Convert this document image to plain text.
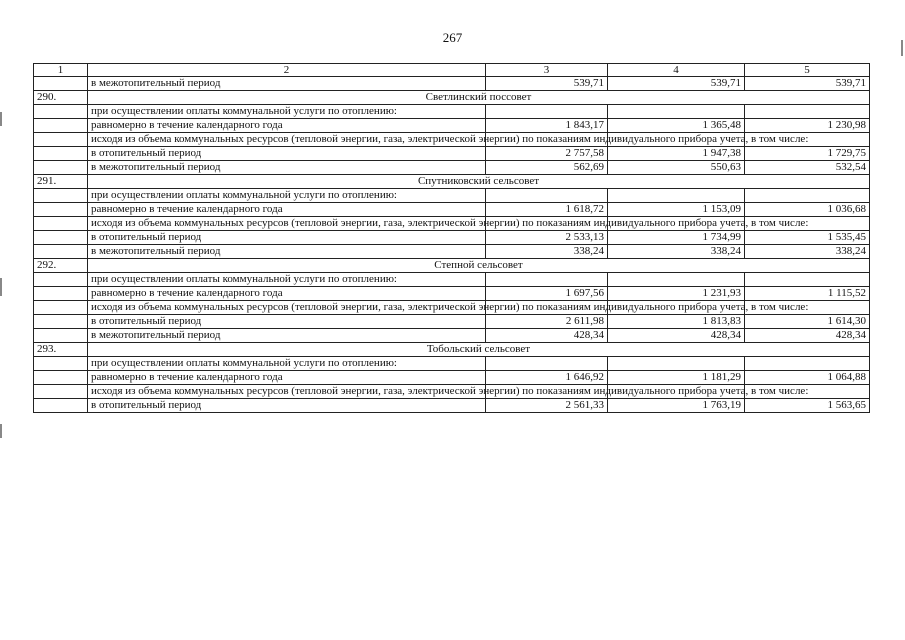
267
1	2	3	4	5
	в межотопительный период	539,71	539,71	539,71
290.	Светлинский поссовет			
	при осуществлении оплаты коммунальной услуги по отоплению:			
	равномерно в течение календарного года	1 843,17	1 365,48	1 230,98
	исходя из объема коммунальных ресурсов (тепловой энергии, газа, электрической энергии) по показаниям индивидуального прибора учета, в том числе:			
	в отопительный период	2 757,58	1 947,38	1 729,75
	в межотопительный период	562,69	550,63	532,54
291.	Спутниковский сельсовет			
	при осуществлении оплаты коммунальной услуги по отоплению:			
	равномерно в течение календарного года	1 618,72	1 153,09	1 036,68
	исходя из объема коммунальных ресурсов (тепловой энергии, газа, электрической энергии) по показаниям индивидуального прибора учета, в том числе:			
	в отопительный период	2 533,13	1 734,99	1 535,45
	в межотопительный период	338,24	338,24	338,24
292.	Степной сельсовет			
	при осуществлении оплаты коммунальной услуги по отоплению:			
	равномерно в течение календарного года	1 697,56	1 231,93	1 115,52
	исходя из объема коммунальных ресурсов (тепловой энергии, газа, электрической энергии) по показаниям индивидуального прибора учета, в том числе:			
	в отопительный период	2 611,98	1 813,83	1 614,30
	в межотопительный период	428,34	428,34	428,34
293.	Тобольский сельсовет			
	при осуществлении оплаты коммунальной услуги по отоплению:			
	равномерно в течение календарного года	1 646,92	1 181,29	1 064,88
	исходя из объема коммунальных ресурсов (тепловой энергии, газа, электрической энергии) по показаниям индивидуального прибора учета, в том числе:			
	в отопительный период	2 561,33	1 763,19	1 563,65
